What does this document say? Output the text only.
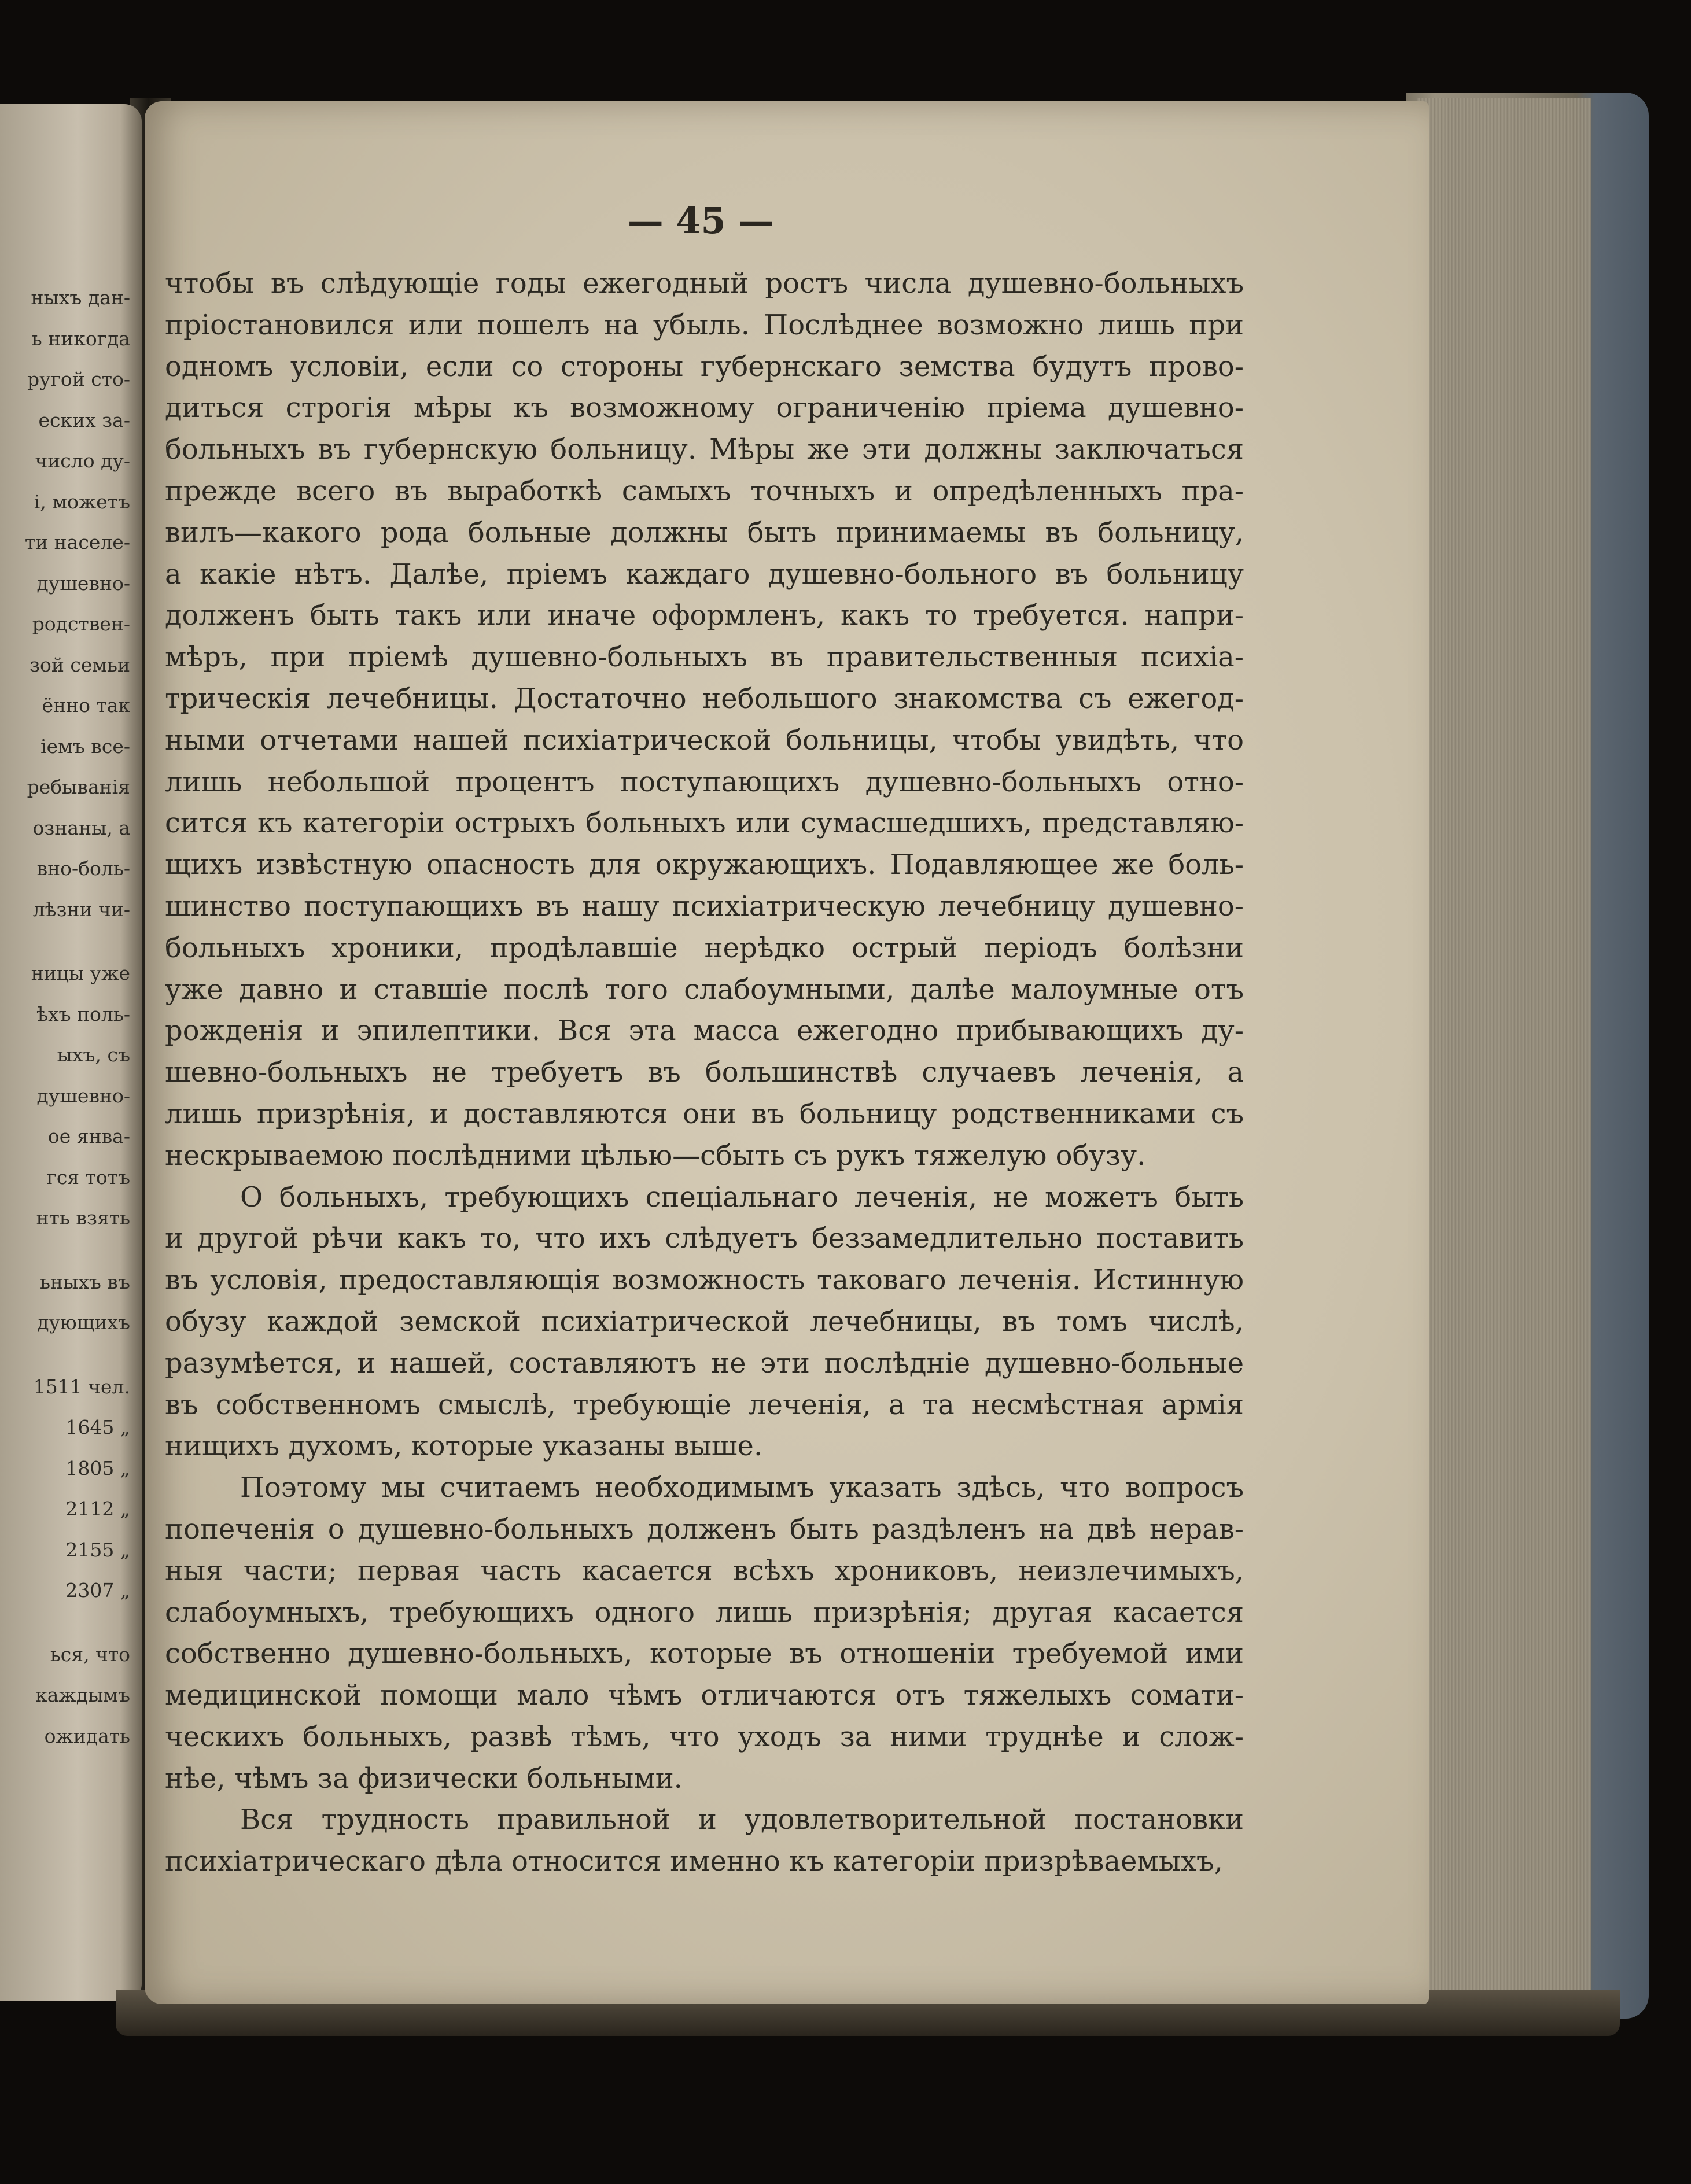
ныхъ дан-
ь никогда
ругой сто-
еских за-
число ду-
і, можетъ
ти населе-
душевно-
родствен-
зой семьи
ённо так
іемъ все-
ребыванія
ознаны, а
вно-боль-
лѣзни чи-
ницы уже
ѣхъ поль-
ыхъ, съ
душевно-
ое янва-
гся тотъ
нть взять
ьныхъ въ
дующихъ
1511 чел.
1645 „
1805 „
2112 „
2155 „
2307 „
ься, что
каждымъ
ожидать
— 45 —
чтобы въ слѣдующіе годы ежегодный ростъ числа душевно-больныхъ
пріостановился или пошелъ на убыль. Послѣднее возможно лишь при
одномъ условіи, если со стороны губернскаго земства будутъ прово-
диться строгія мѣры къ возможному ограниченію пріема душевно-
больныхъ въ губернскую больницу. Мѣры же эти должны заключаться
прежде всего въ выработкѣ самыхъ точныхъ и опредѣленныхъ пра-
вилъ—какого рода больные должны быть принимаемы въ больницу,
а какіе нѣтъ. Далѣе, пріемъ каждаго душевно-больного въ больницу
долженъ быть такъ или иначе оформленъ, какъ то требуется. напри-
мѣръ, при пріемѣ душевно-больныхъ въ правительственныя психіа-
трическія лечебницы. Достаточно небольшого знакомства съ ежегод-
ными отчетами нашей психіатрической больницы, чтобы увидѣть, что
лишь небольшой процентъ поступающихъ душевно-больныхъ отно-
сится къ категоріи острыхъ больныхъ или сумасшедшихъ, представляю-
щихъ извѣстную опасность для окружающихъ. Подавляющее же боль-
шинство поступающихъ въ нашу психіатрическую лечебницу душевно-
больныхъ хроники, продѣлавшіе нерѣдко острый періодъ болѣзни
уже давно и ставшіе послѣ того слабоумными, далѣе малоумные отъ
рожденія и эпилептики. Вся эта масса ежегодно прибывающихъ ду-
шевно-больныхъ не требуетъ въ большинствѣ случаевъ леченія, а
лишь призрѣнія, и доставляются они въ больницу родственниками съ
нескрываемою послѣдними цѣлью—сбыть съ рукъ тяжелую обузу.
О больныхъ, требующихъ спеціальнаго леченія, не можетъ быть
и другой рѣчи какъ то, что ихъ слѣдуетъ беззамедлительно поставить
въ условія, предоставляющія возможность таковаго леченія. Истинную
обузу каждой земской психіатрической лечебницы, въ томъ числѣ,
разумѣется, и нашей, составляютъ не эти послѣдніе душевно-больные
въ собственномъ смыслѣ, требующіе леченія, а та несмѣстная армія
нищихъ духомъ, которые указаны выше.
Поэтому мы считаемъ необходимымъ указать здѣсь, что вопросъ
попеченія о душевно-больныхъ долженъ быть раздѣленъ на двѣ нерав-
ныя части; первая часть касается всѣхъ хрониковъ, неизлечимыхъ,
слабоумныхъ, требующихъ одного лишь призрѣнія; другая касается
собственно душевно-больныхъ, которые въ отношеніи требуемой ими
медицинской помощи мало чѣмъ отличаются отъ тяжелыхъ сомати-
ческихъ больныхъ, развѣ тѣмъ, что уходъ за ними труднѣе и слож-
нѣе, чѣмъ за физически больными.
Вся трудность правильной и удовлетворительной постановки
психіатрическаго дѣла относится именно къ категоріи призрѣваемыхъ,
